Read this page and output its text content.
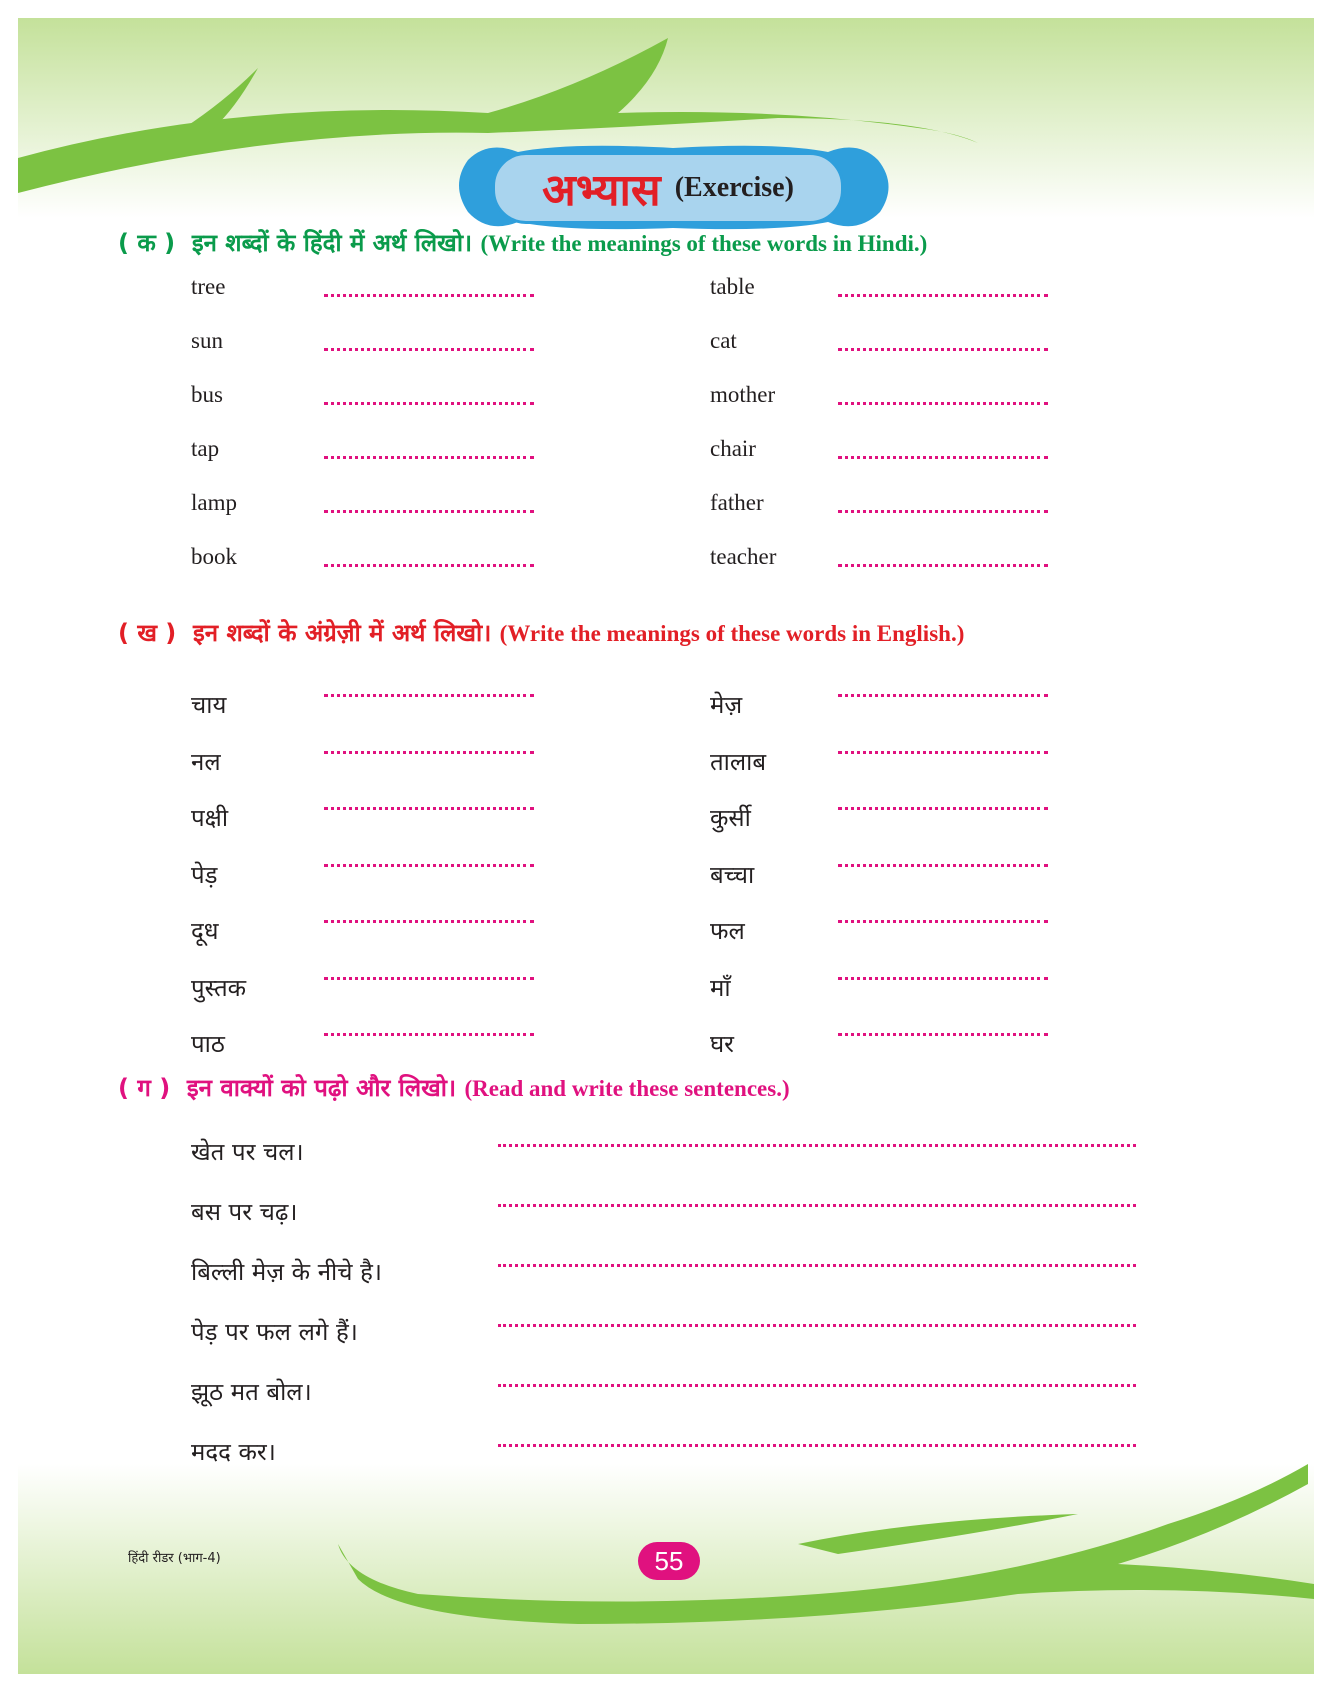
अभ्यास (Exercise)
( क ) इन शब्दों के हिंदी में अर्थ लिखो। (Write the meanings of these words in Hindi.)
tree
sun
bus
tap
lamp
book
table
cat
mother
chair
father
teacher
( ख ) इन शब्दों के अंग्रेज़ी में अर्थ लिखो। (Write the meanings of these words in English.)
चाय
नल
पक्षी
पेड़
दूध
पुस्तक
पाठ
मेज़
तालाब
कुर्सी
बच्चा
फल
माँ
घर
( ग ) इन वाक्यों को पढ़ो और लिखो। (Read and write these sentences.)
खेत पर चल।
बस पर चढ़।
बिल्ली मेज़ के नीचे है।
पेड़ पर फल लगे हैं।
झूठ मत बोल।
मदद कर।
हिंदी रीडर (भाग-4)	55
